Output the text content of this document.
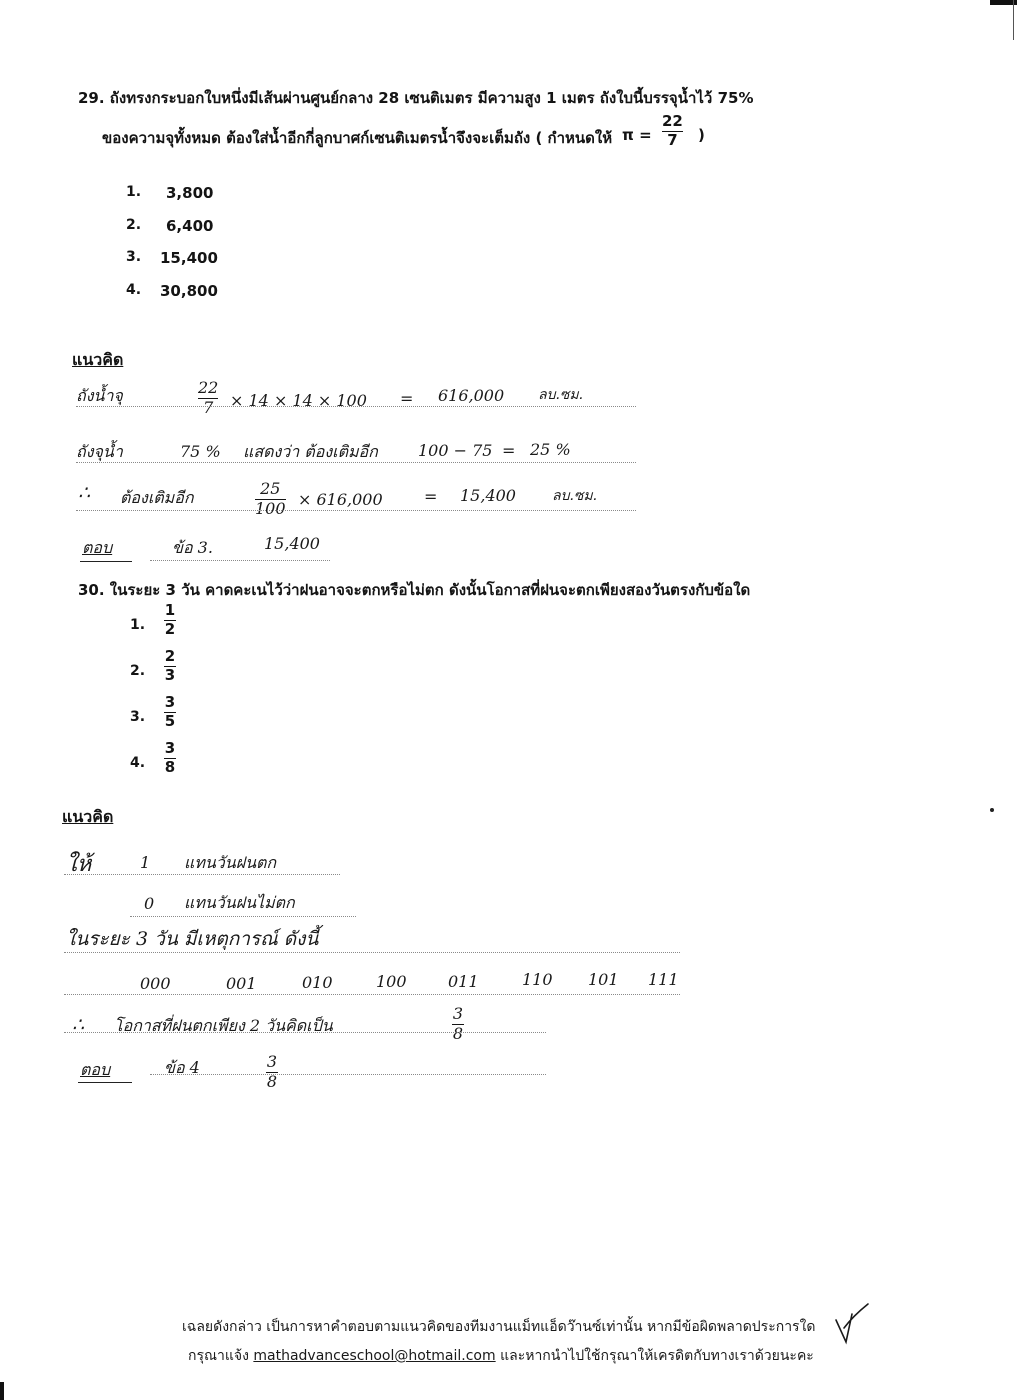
29. ถังทรงกระบอกใบหนึ่งมีเส้นผ่านศูนย์กลาง 28 เซนติเมตร มีความสูง 1 เมตร ถังใบนี้บรรจุน้ำไว้ 75%
ของความจุทั้งหมด ต้องใส่น้ำอีกกี่ลูกบาศก์เซนติเมตรน้ำจึงจะเต็มถัง ( กำหนดให้ π =
22
7 )
1. 3,800
2. 6,400
3. 15,400
4. 30,800
แนวคิด
ถังน้ำจุ	22
7 × 14 × 14 × 100 = 616,000 ลบ.ซม.
ถังจุน้ำ	75 % แสดงว่า ต้องเติมอีก	100 − 75 = 25 %
∴ ต้องเติมอีก	25
100 × 616,000	= 15,400	ลบ.ซม.
ตอบ	ข้อ 3.	15,400
30. ในระยะ 3 วัน คาดคะเนไว้ว่าฝนอาจจะตกหรือไม่ตก ดังนั้นโอกาสที่ฝนจะตกเพียงสองวันตรงกับข้อใด
1.
1
2
2.
2
3
3.
3
5
4.
3
8
แนวคิด
ให้	1 แทนวันฝนตก
0 แทนวันฝนไม่ตก
ในระยะ 3 วัน มีเหตุการณ์ ดังนี้
000	001	010	100	011	110 101 111
∴ โอกาสที่ฝนตกเพียง 2 วันคิดเป็น
3
8
ตอบ	ข้อ 4	3
8
เฉลยดังกล่าว เป็นการหาคำตอบตามแนวคิดของทีมงานแม็ทแอ็ดว๊านซ์เท่านั้น หากมีข้อผิดพลาดประการใด
กรุณาแจ้ง mathadvanceschool@hotmail.com และหากนำไปใช้กรุณาให้เครดิตกับทางเราด้วยนะคะ
